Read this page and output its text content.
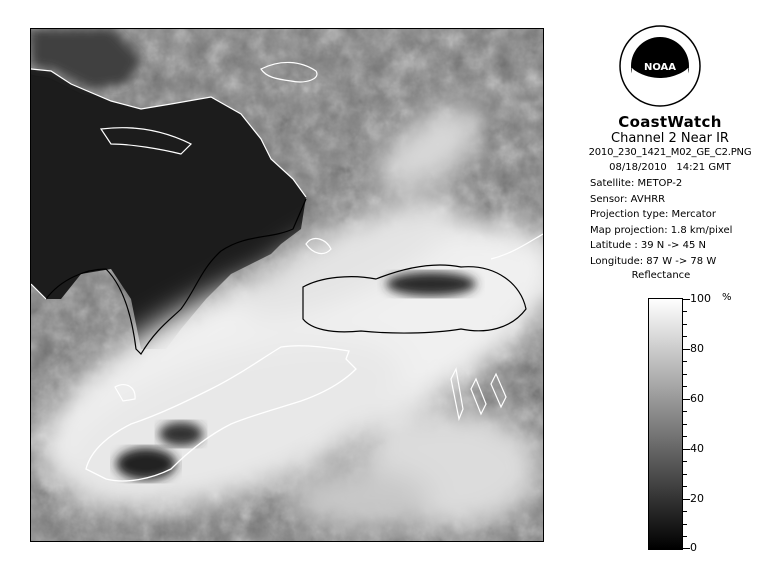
NOAA
CoastWatch
Channel 2 Near IR
2010_230_1421_M02_GE_C2.PNG
08/18/2010 14:21 GMT
Satellite: METOP-2
Sensor: AVHRR
Projection type: Mercator
Map projection: 1.8 km/pixel
Latitude : 39 N -> 45 N
Longitude: 87 W -> 78 W
Reflectance
%
100
80
60
40
20
0
